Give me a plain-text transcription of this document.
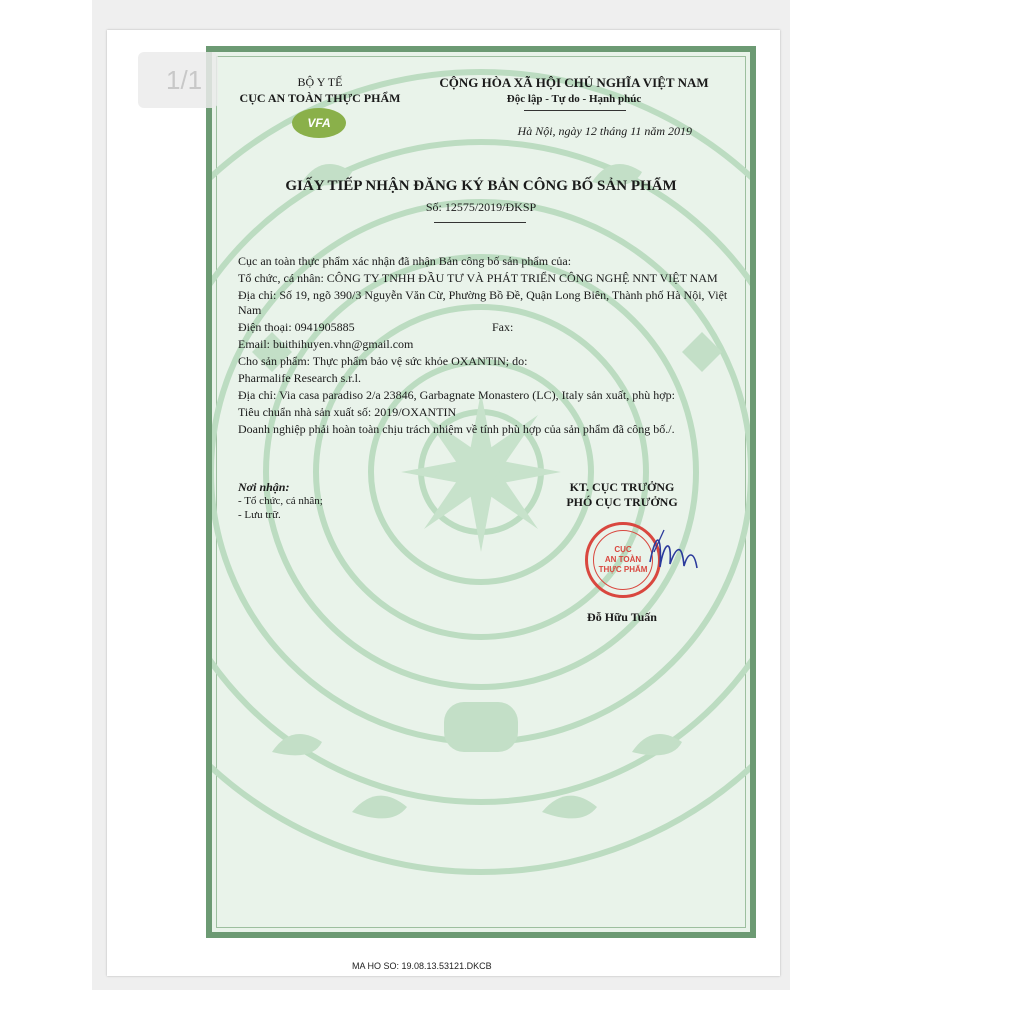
BỘ Y TẾ
CỤC AN TOÀN THỰC PHẨM
VFA
CỘNG HÒA XÃ HỘI CHỦ NGHĨA VIỆT NAM
Độc lập - Tự do - Hạnh phúc
Hà Nội, ngày 12 tháng 11 năm 2019
GIẤY TIẾP NHẬN ĐĂNG KÝ BẢN CÔNG BỐ SẢN PHẨM
Số: 12575/2019/ĐKSP

Cục an toàn thực phẩm xác nhận đã nhận Bản công bố sản phẩm của:

Tổ chức, cá nhân: CÔNG TY TNHH ĐẦU TƯ VÀ PHÁT TRIỂN CÔNG NGHỆ NNT VIỆT NAM

Địa chỉ: Số 19, ngõ 390/3 Nguyễn Văn Cừ, Phường Bồ Đề, Quận Long Biên, Thành phố Hà Nội, Việt Nam

Điện thoại: 0941905885	Fax:

Email: buithihuyen.vhn@gmail.com

Cho sản phẩm: Thực phẩm bảo vệ sức khỏe OXANTIN; do:

Pharmalife Research s.r.l.

Địa chỉ: Via casa paradiso 2/a 23846, Garbagnate Monastero (LC), Italy sản xuất, phù hợp:

Tiêu chuẩn nhà sản xuất số: 2019/OXANTIN

Doanh nghiệp phải hoàn toàn chịu trách nhiệm về tính phù hợp của sản phẩm đã công bố./.

Nơi nhận:
- Tổ chức, cá nhân;
- Lưu trữ.
KT. CỤC TRƯỞNG
PHÓ CỤC TRƯỞNG
CỤC
AN TOÀN
THỰC PHẨM
Đỗ Hữu Tuấn
1/1
MA HO SO: 19.08.13.53121.DKCB
